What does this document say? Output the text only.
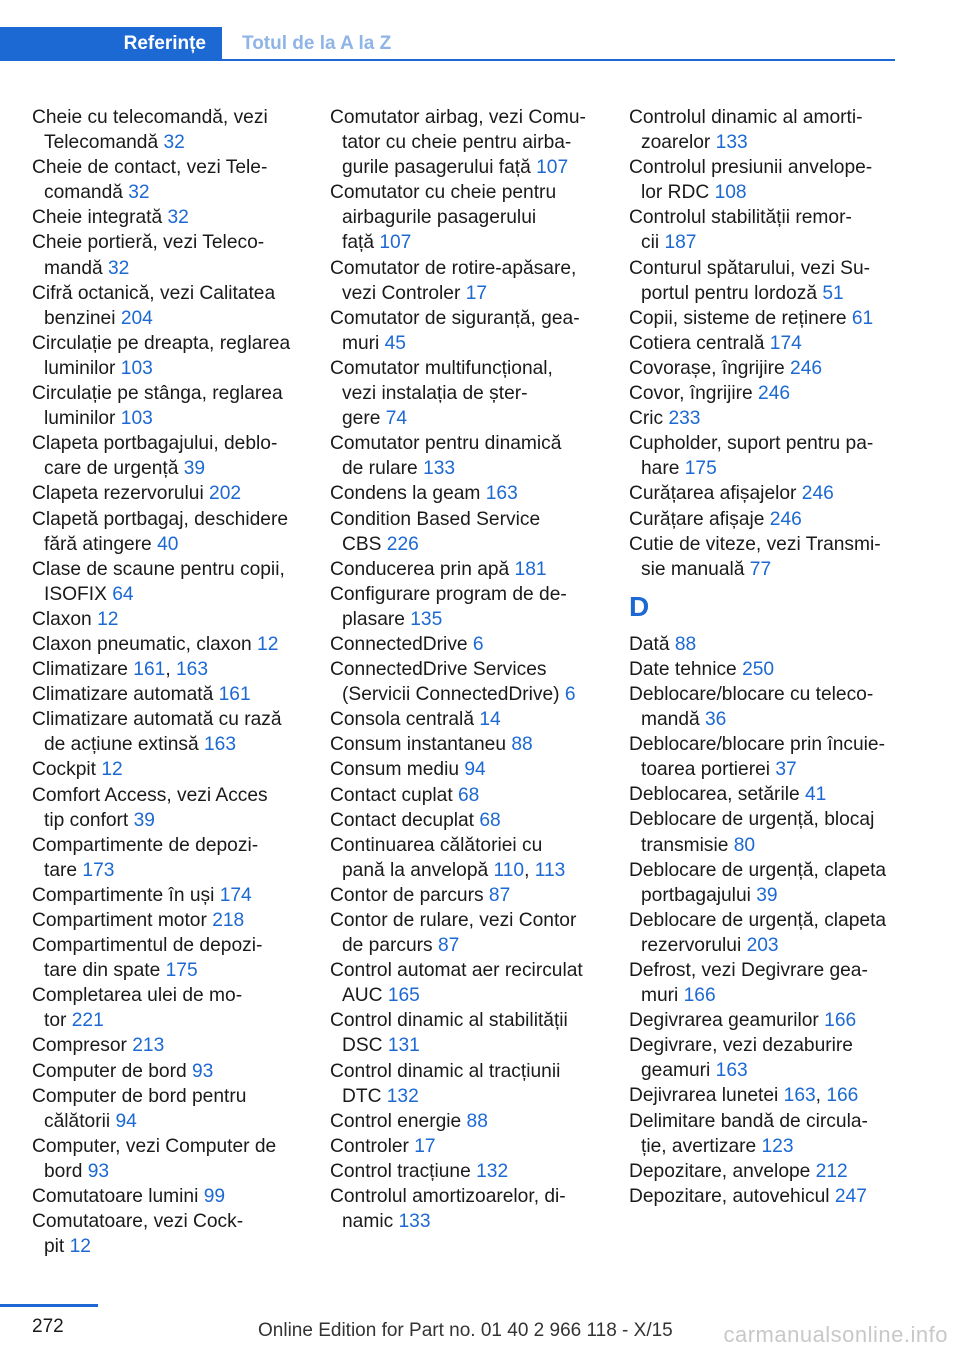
Referințe	Totul de la A la Z

Cheie cu telecomandă, vezi
Telecomandă 32

Cheie de contact, vezi Tele‐
comandă 32

Cheie integrată 32

Cheie portieră, vezi Teleco‐
mandă 32

Cifră octanică, vezi Calitatea
benzinei 204

Circulație pe dreapta, reglarea
luminilor 103

Circulație pe stânga, reglarea
luminilor 103

Clapeta portbagajului, deblo‐
care de urgență 39

Clapeta rezervorului 202

Clapetă portbagaj, deschidere
fără atingere 40

Clase de scaune pentru copii,
ISOFIX 64

Claxon 12

Claxon pneumatic, claxon 12

Climatizare 161, 163

Climatizare automată 161

Climatizare automată cu rază
de acțiune extinsă 163

Cockpit 12

Comfort Access, vezi Acces
tip confort 39

Compartimente de depozi‐
tare 173

Compartimente în uși 174

Compartiment motor 218

Compartimentul de depozi‐
tare din spate 175

Completarea ulei de mo‐
tor 221

Compresor 213

Computer de bord 93

Computer de bord pentru
călătorii 94

Computer, vezi Computer de
bord 93

Comutatoare lumini 99

Comutatoare, vezi Cock‐
pit 12

Comutator airbag, vezi Comu‐
tator cu cheie pentru airba‐
gurile pasagerului față 107

Comutator cu cheie pentru
airbagurile pasagerului
față 107

Comutator de rotire-apăsare,
vezi Controler 17

Comutator de siguranță, gea‐
muri 45

Comutator multifuncțional,
vezi instalația de șter‐
gere 74

Comutator pentru dinamică
de rulare 133

Condens la geam 163

Condition Based Service
CBS 226

Conducerea prin apă 181

Configurare program de de‐
plasare 135

ConnectedDrive 6

ConnectedDrive Services
(Servicii ConnectedDrive) 6

Consola centrală 14

Consum instantaneu 88

Consum mediu 94

Contact cuplat 68

Contact decuplat 68

Continuarea călătoriei cu
pană la anvelopă 110, 113

Contor de parcurs 87

Contor de rulare, vezi Contor
de parcurs 87

Control automat aer recirculat
AUC 165

Control dinamic al stabilității
DSC 131

Control dinamic al tracțiunii
DTC 132

Control energie 88

Controler 17

Control tracțiune 132

Controlul amortizoarelor, di‐
namic 133

Controlul dinamic al amorti‐
zoarelor 133

Controlul presiunii anvelope‐
lor RDC 108

Controlul stabilității remor‐
cii 187

Conturul spătarului, vezi Su‐
portul pentru lordoză 51

Copii, sisteme de reținere 61

Cotiera centrală 174

Covorașe, îngrijire 246

Covor, îngrijire 246

Cric 233

Cupholder, suport pentru pa‐
hare 175

Curățarea afișajelor 246

Curățare afișaje 246

Cutie de viteze, vezi Transmi‐
sie manuală 77

D

Dată 88

Date tehnice 250

Deblocare/blocare cu teleco‐
mandă 36

Deblocare/blocare prin încuie‐
toarea portierei 37

Deblocarea, setările 41

Deblocare de urgență, blocaj
transmisie 80

Deblocare de urgență, clapeta
portbagajului 39

Deblocare de urgență, clapeta
rezervorului 203

Defrost, vezi Degivrare gea‐
muri 166

Degivrarea geamurilor 166

Degivrare, vezi dezaburire
geamuri 163

Dejivrarea lunetei 163, 166

Delimitare bandă de circula‐
ție, avertizare 123

Depozitare, anvelope 212

Depozitare, autovehicul 247

272	Online Edition for Part no. 01 40 2 966 118 - X/15 carmanualsonline.info
